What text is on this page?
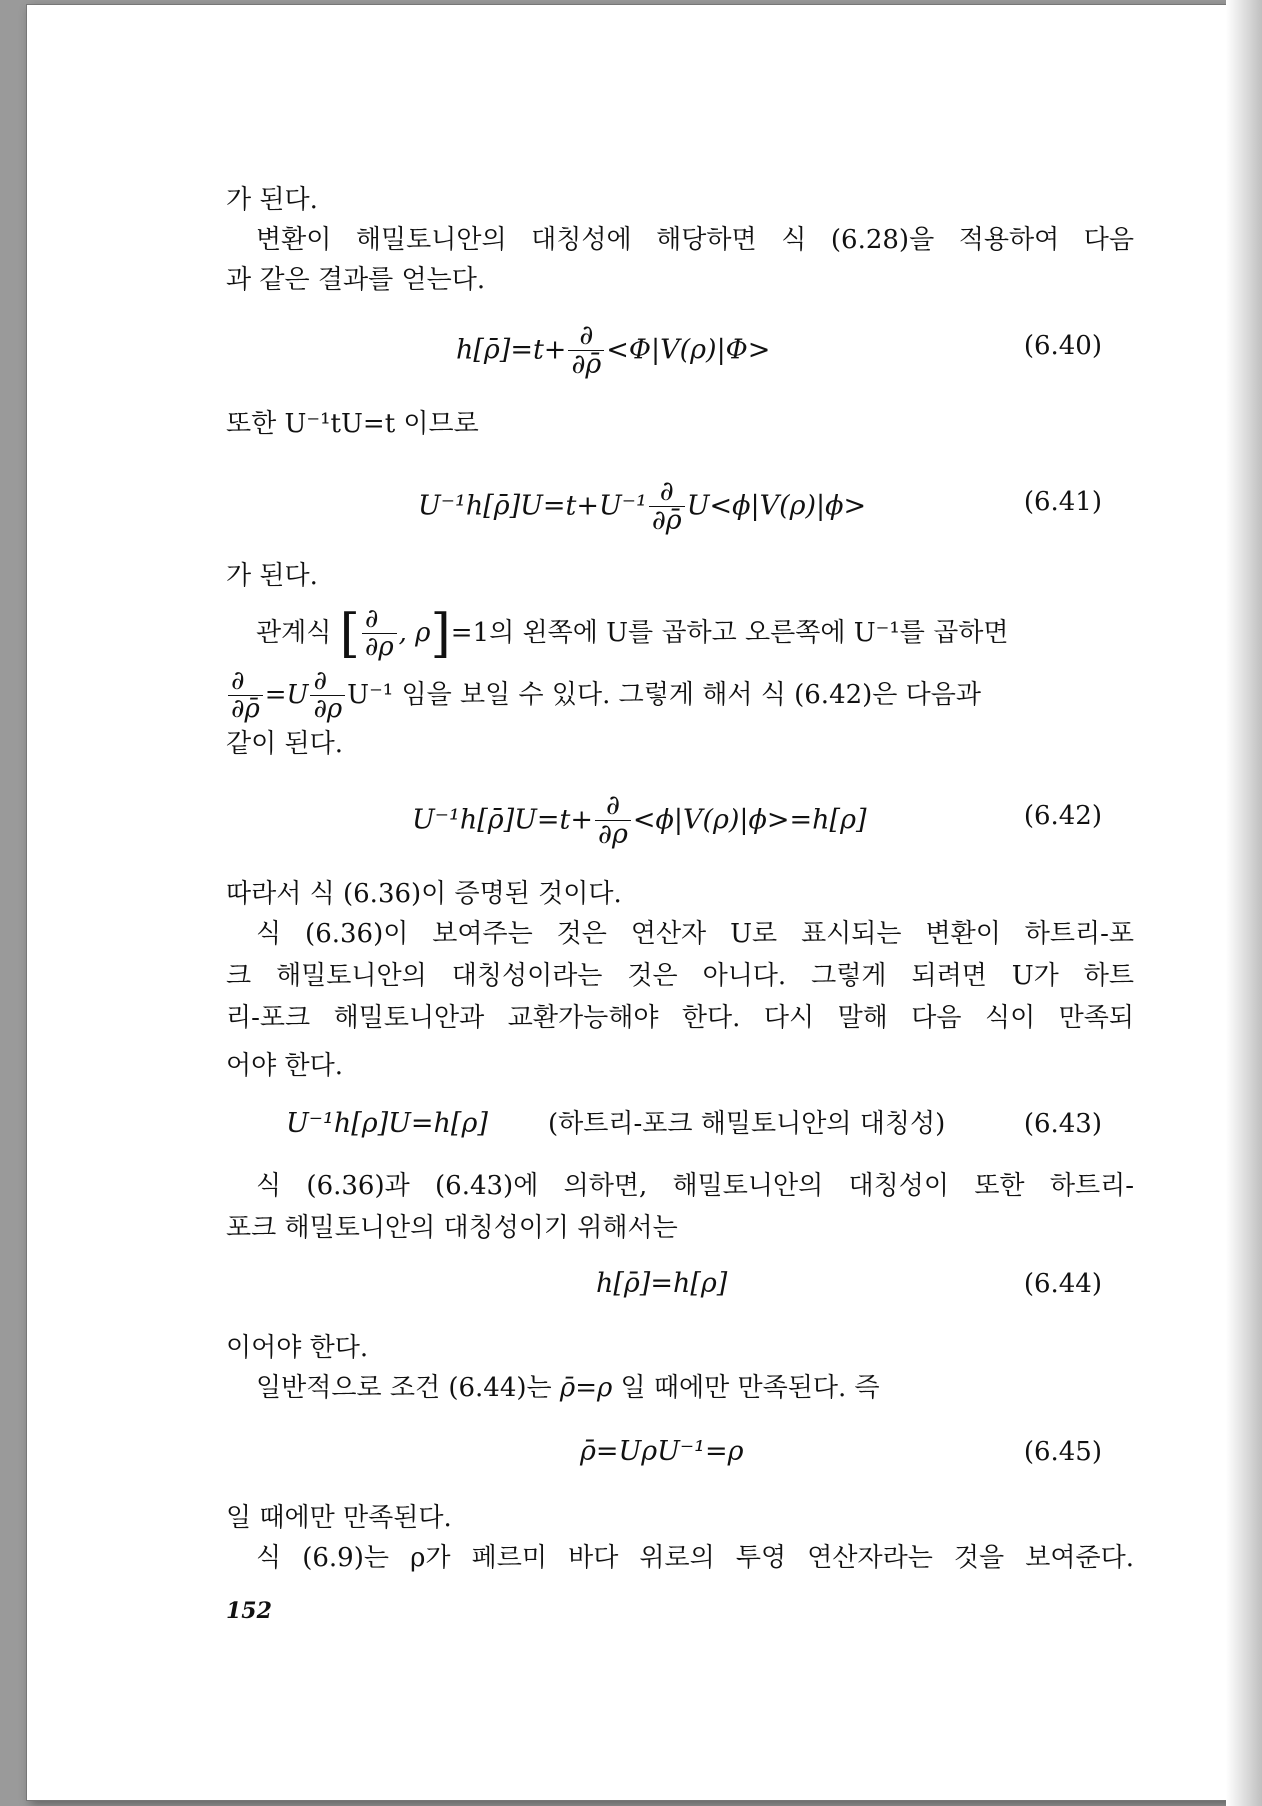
가 된다.
변환이 해밀토니안의 대칭성에 해당하면 식 (6.28)을 적용하여 다음
과 같은 결과를 얻는다.
h[ρ̄]=t+ $\frac{\partial}{\partial\rhō} <\Phi|V(\rho)|\Phi>$	(6.40)
또한 U⁻¹tU=t 이므로
U⁻¹h[ρ̄]U=t+U⁻¹ $\frac{\partial}{\partial\rhō} U<\phi|V(\rho)|\phi>$	(6.41)
가 된다.
관계식 [ $\frac{\partial}{\partial\rho}$ , ρ]=1의 왼쪽에 U를 곱하고 오른쪽에 U⁻¹를 곱하면
$\frac{\partial}{\partial\rhō} =U \frac{\partial}{\partial\rho} U^{-1}$ 임을 보일 수 있다. 그렇게 해서 식 (6.42)은 다음과
같이 된다.
U⁻¹h[ρ̄]U=t+ $\frac{\partial}{\partial\rho} <\phi|V(\rho)|\phi>=h[\rho]$	(6.42)
따라서 식 (6.36)이 증명된 것이다.
식 (6.36)이 보여주는 것은 연산자 U로 표시되는 변환이 하트리-포
크 해밀토니안의 대칭성이라는 것은 아니다. 그렇게 되려면 U가 하트
리-포크 해밀토니안과 교환가능해야 한다. 다시 말해 다음 식이 만족되
어야 한다.
U⁻¹h[ρ]U=h[ρ] (하트리-포크 해밀토니안의 대칭성)	(6.43)
식 (6.36)과 (6.43)에 의하면, 해밀토니안의 대칭성이 또한 하트리-
포크 해밀토니안의 대칭성이기 위해서는
h[ρ̄]=h[ρ]	(6.44)
이어야 한다.
일반적으로 조건 (6.44)는 ρ̄=ρ 일 때에만 만족된다. 즉
ρ̄=UρU⁻¹=ρ	(6.45)
일 때에만 만족된다.
식 (6.9)는 ρ가 페르미 바다 위로의 투영 연산자라는 것을 보여준다.
152
